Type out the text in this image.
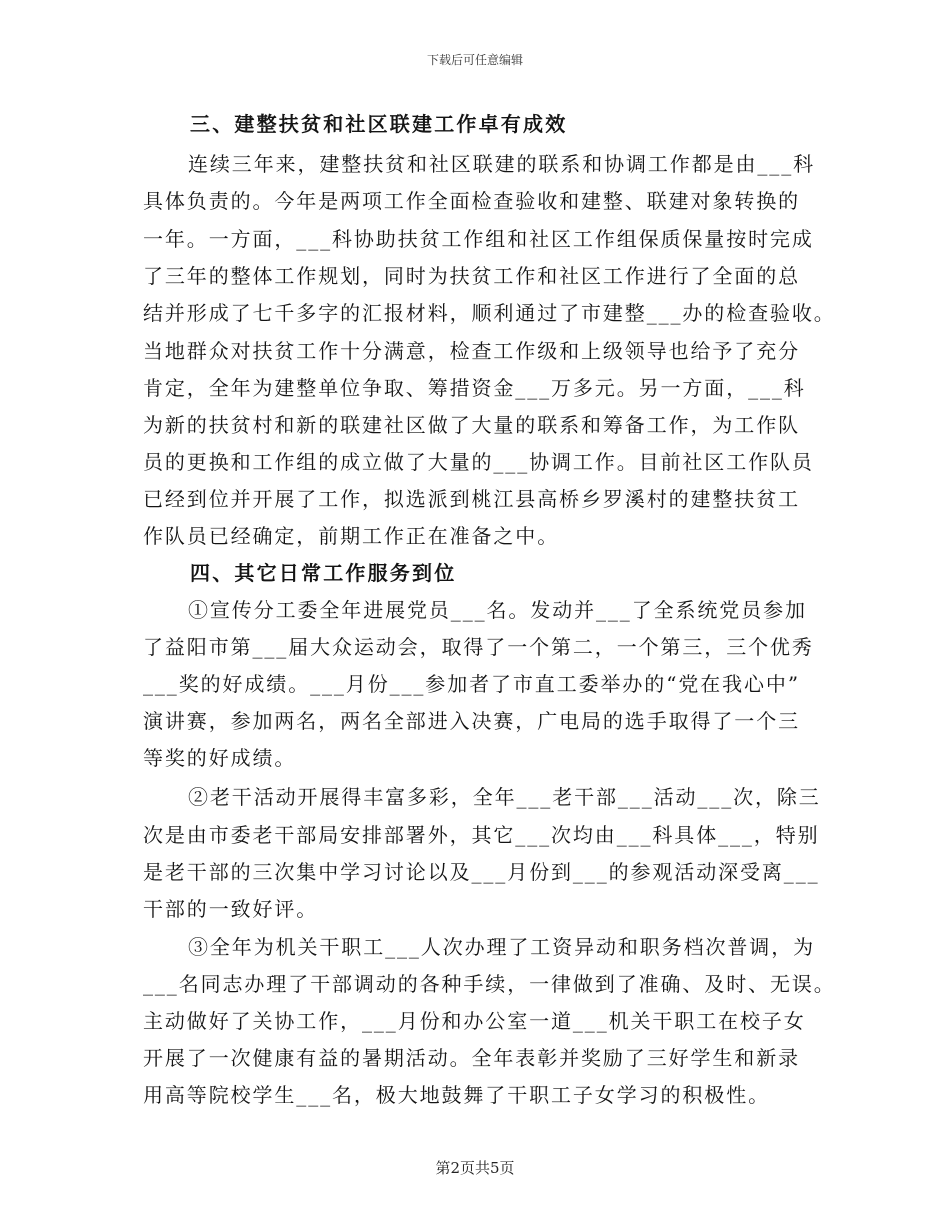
下载后可任意编辑
三、建整扶贫和社区联建工作卓有成效
连续三年来，建整扶贫和社区联建的联系和协调工作都是由___科
具体负责的。今年是两项工作全面检查验收和建整、联建对象转换的
一年。一方面，___科协助扶贫工作组和社区工作组保质保量按时完成
了三年的整体工作规划，同时为扶贫工作和社区工作进行了全面的总
结并形成了七千多字的汇报材料，顺利通过了市建整___办的检查验收。
当地群众对扶贫工作十分满意，检查工作级和上级领导也给予了充分
肯定，全年为建整单位争取、筹措资金___万多元。另一方面，___科
为新的扶贫村和新的联建社区做了大量的联系和筹备工作，为工作队
员的更换和工作组的成立做了大量的___协调工作。目前社区工作队员
已经到位并开展了工作，拟选派到桃江县高桥乡罗溪村的建整扶贫工
作队员已经确定，前期工作正在准备之中。
四、其它日常工作服务到位
①宣传分工委全年进展党员___名。发动并___了全系统党员参加
了益阳市第___届大众运动会，取得了一个第二，一个第三，三个优秀
___奖的好成绩。___月份___参加者了市直工委举办的“党在我心中”
演讲赛，参加两名，两名全部进入决赛，广电局的选手取得了一个三
等奖的好成绩。
②老干活动开展得丰富多彩，全年___老干部___活动___次，除三
次是由市委老干部局安排部署外，其它___次均由___科具体___，特别
是老干部的三次集中学习讨论以及___月份到___的参观活动深受离___
干部的一致好评。
③全年为机关干职工___人次办理了工资异动和职务档次普调，为
___名同志办理了干部调动的各种手续，一律做到了准确、及时、无误。
主动做好了关协工作，___月份和办公室一道___机关干职工在校子女
开展了一次健康有益的暑期活动。全年表彰并奖励了三好学生和新录
用高等院校学生___名，极大地鼓舞了干职工子女学习的积极性。
第2页共5页
